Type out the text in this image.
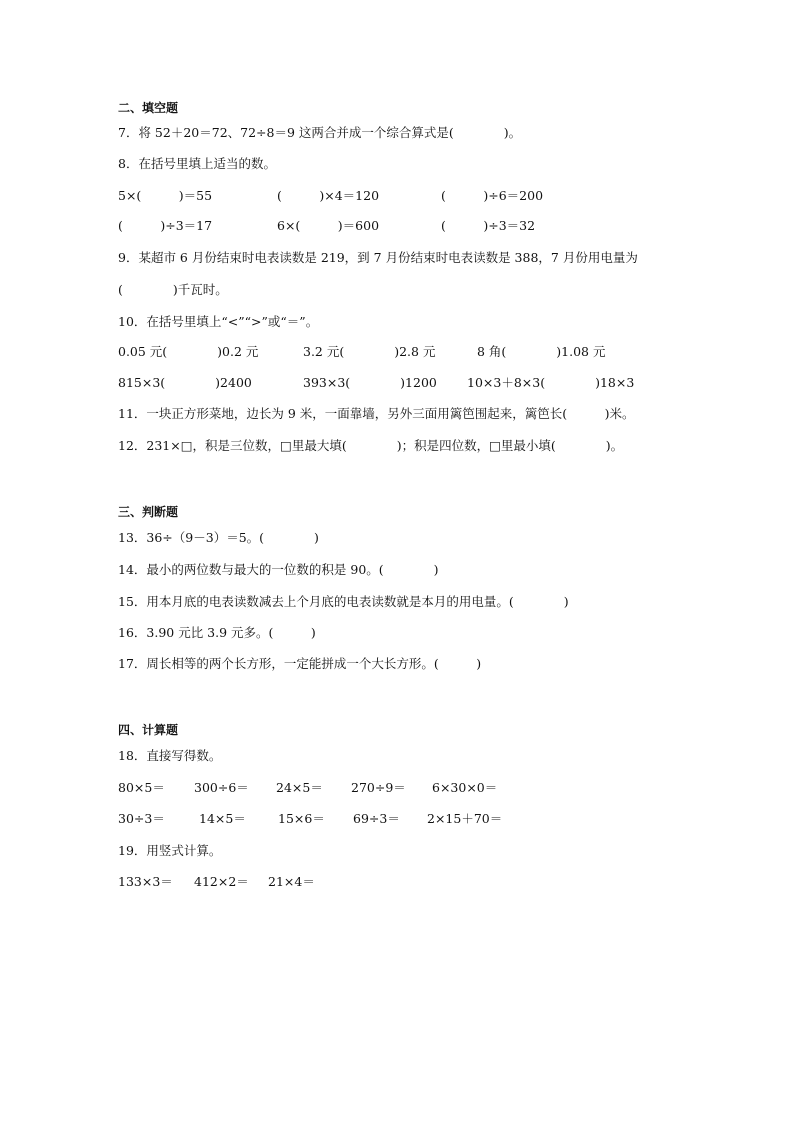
二、填空题
7．将 52＋20＝72、72÷8＝9 这两合并成一个综合算式是(　　　　)。
8．在括号里填上适当的数。
5×(　　　)＝55	(　　　)×4＝120	(　　　)÷6＝200
(　　　)÷3＝17	6×(　　　)＝600	(　　　)÷3＝32
9．某超市 6 月份结束时电表读数是 219，到 7 月份结束时电表读数是 388，7 月份用电量为
(　　　　)千瓦时。
10．在括号里填上“<”“>”或“＝”。
0.05 元(　　　　)0.2 元	3.2 元(　　　　)2.8 元	8 角(　　　　)1.08 元
815×3(　　　　)2400	393×3(　　　　)1200 10×3＋8×3(　　　　)18×3
11．一块正方形菜地，边长为 9 米，一面靠墙，另外三面用篱笆围起来，篱笆长(　　　)米。
12．231×□，积是三位数，□里最大填(　　　　)；积是四位数，□里最小填(　　　　)。
三、判断题
13．36÷（9－3）＝5。(　　　　)
14．最小的两位数与最大的一位数的积是 90。(　　　　)
15．用本月底的电表读数减去上个月底的电表读数就是本月的用电量。(　　　　)
16．3.90 元比 3.9 元多。(　　　)
17．周长相等的两个长方形，一定能拼成一个大长方形。(　　　)
四、计算题
18．直接写得数。
80×5＝ 300÷6＝ 24×5＝ 270÷9＝ 6×30×0＝
30÷3＝	14×5＝	15×6＝ 69÷3＝ 2×15＋70＝
19．用竖式计算。
133×3＝ 412×2＝ 21×4＝
